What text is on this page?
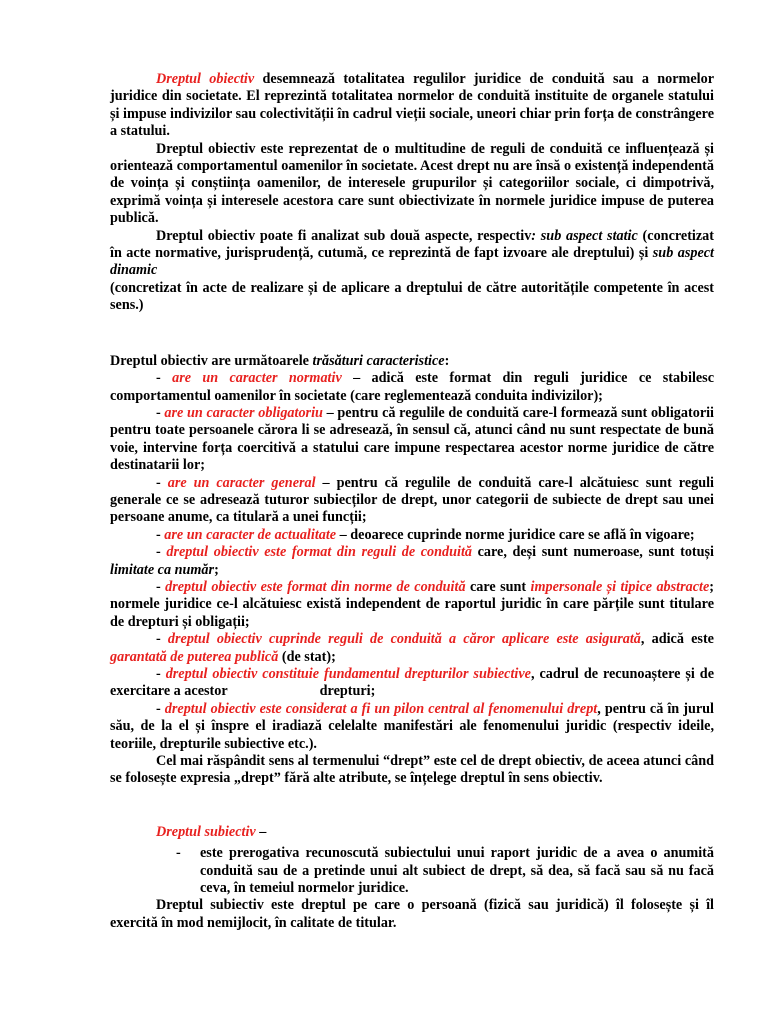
Dreptul obiectiv desemnează totalitatea regulilor juridice de conduită sau a normelor juridice din societate. El reprezintă totalitatea normelor de conduită instituite de organele statului și impuse indivizilor sau colectivității în cadrul vieții sociale, uneori chiar prin forța de constrângere a statului.

Dreptul obiectiv este reprezentat de o multitudine de reguli de conduită ce influențează și orientează comportamentul oamenilor în societate. Acest drept nu are însă o existență independentă de voința și conștiința oamenilor, de interesele grupurilor și categoriilor sociale, ci dimpotrivă, exprimă voința și interesele acestora care sunt obiectivizate în normele juridice impuse de puterea publică.

Dreptul obiectiv poate fi analizat sub două aspecte, respectiv: sub aspect static (concretizat în acte normative, jurisprudență, cutumă, ce reprezintă de fapt izvoare ale dreptului) și sub aspect dinamic

(concretizat în acte de realizare și de aplicare a dreptului de către autoritățile competente în acest sens.)

Dreptul obiectiv are următoarele trăsături caracteristice:

- are un caracter normativ – adică este format din reguli juridice ce stabilesc comportamentul oamenilor în societate (care reglementează conduita indivizilor);

- are un caracter obligatoriu – pentru că regulile de conduită care-l formează sunt obligatorii pentru toate persoanele cărora li se adresează, în sensul că, atunci când nu sunt respectate de bună voie, intervine forța coercitivă a statului care impune respectarea acestor norme juridice de către destinatarii lor;

- are un caracter general – pentru că regulile de conduită care-l alcătuiesc sunt reguli generale ce se adresează tuturor subiecților de drept, unor categorii de subiecte de drept sau unei persoane anume, ca titulară a unei funcții;

- are un caracter de actualitate – deoarece cuprinde norme juridice care se află în vigoare;

- dreptul obiectiv este format din reguli de conduită care, deși sunt numeroase, sunt totuși limitate ca număr;

- dreptul obiectiv este format din norme de conduită care sunt impersonale și tipice abstracte; normele juridice ce-l alcătuiesc există independent de raportul juridic în care părțile sunt titulare de drepturi și obligații;

- dreptul obiectiv cuprinde reguli de conduită a căror aplicare este asigurată, adică este garantată de puterea publică (de stat);

- dreptul obiectiv constituie fundamentul drepturilor subiective, cadrul de recunoaștere și de exercitare a acestor	drepturi;

- dreptul obiectiv este considerat a fi un pilon central al fenomenului drept, pentru că în jurul său, de la el și înspre el iradiază celelalte manifestări ale fenomenului juridic (respectiv ideile, teoriile, drepturile subiective etc.).

Cel mai răspândit sens al termenului “drept” este cel de drept obiectiv, de aceea atunci când se folosește expresia „drept” fără alte atribute, se înțelege dreptul în sens obiectiv.

Dreptul subiectiv –

-	este prerogativa recunoscută subiectului unui raport juridic de a avea o anumită conduită sau de a pretinde unui alt subiect de drept, să dea, să facă sau să nu facă ceva, în temeiul normelor juridice.

Dreptul subiectiv este dreptul pe care o persoană (fizică sau juridică) îl folosește și îl exercită în mod nemijlocit, în calitate de titular.
